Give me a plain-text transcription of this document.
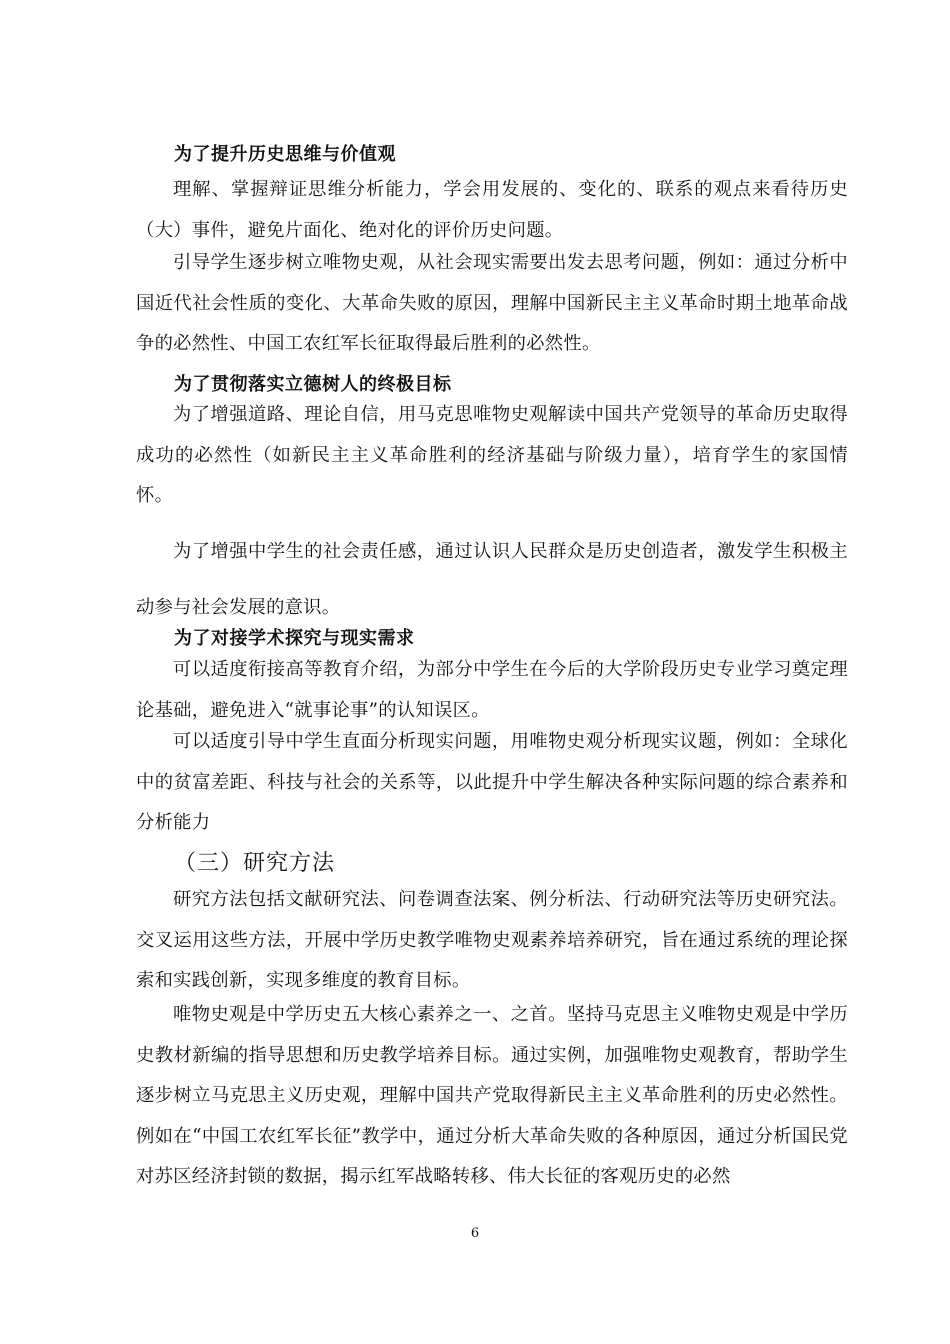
为了提升历史思维与价值观

理解、掌握辩证思维分析能力，学会用发展的、变化的、联系的观点来看待历史（大）事件，避免片面化、绝对化的评价历史问题。

引导学生逐步树立唯物史观，从社会现实需要出发去思考问题，例如：通过分析中国近代社会性质的变化、大革命失败的原因，理解中国新民主主义革命时期土地革命战争的必然性、中国工农红军长征取得最后胜利的必然性。

为了贯彻落实立德树人的终极目标

为了增强道路、理论自信，用马克思唯物史观解读中国共产党领导的革命历史取得成功的必然性（如新民主主义革命胜利的经济基础与阶级力量），培育学生的家国情怀。

为了增强中学生的社会责任感，通过认识人民群众是历史创造者，激发学生积极主动参与社会发展的意识。

为了对接学术探究与现实需求

可以适度衔接高等教育介绍，为部分中学生在今后的大学阶段历史专业学习奠定理论基础，避免进入“就事论事”的认知误区。

可以适度引导中学生直面分析现实问题，用唯物史观分析现实议题，例如：全球化中的贫富差距、科技与社会的关系等，以此提升中学生解决各种实际问题的综合素养和分析能力

（三）研究方法

研究方法包括文献研究法、问卷调查法案、例分析法、行动研究法等历史研究法。交叉运用这些方法，开展中学历史教学唯物史观素养培养研究，旨在通过系统的理论探索和实践创新，实现多维度的教育目标。

唯物史观是中学历史五大核心素养之一、之首。坚持马克思主义唯物史观是中学历史教材新编的指导思想和历史教学培养目标。通过实例，加强唯物史观教育，帮助学生逐步树立马克思主义历史观，理解中国共产党取得新民主主义革命胜利的历史必然性。例如在“中国工农红军长征”教学中，通过分析大革命失败的各种原因，通过分析国民党对苏区经济封锁的数据，揭示红军战略转移、伟大长征的客观历史的必然

6
